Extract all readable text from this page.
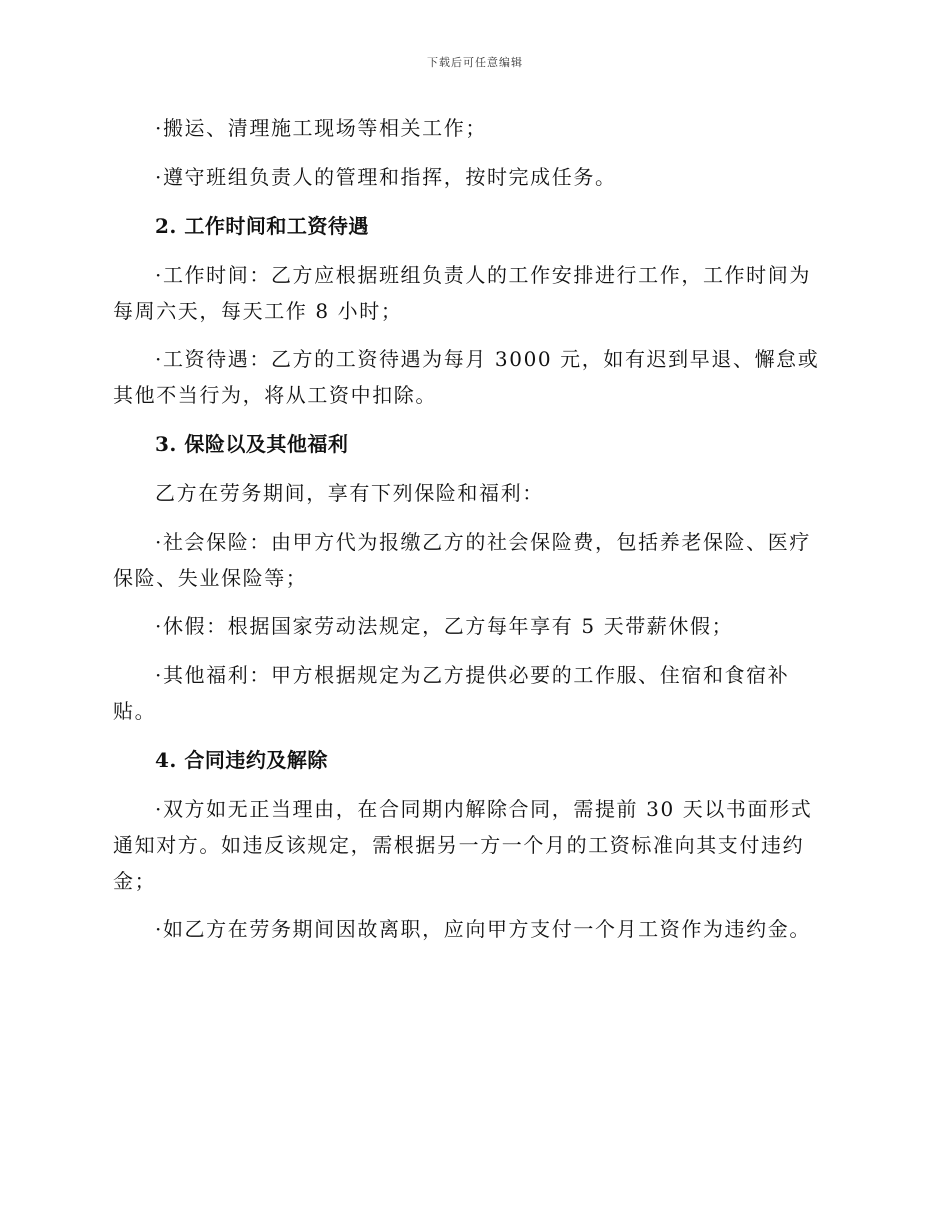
下载后可任意编辑

·搬运、清理施工现场等相关工作；

·遵守班组负责人的管理和指挥，按时完成任务。

2. 工作时间和工资待遇

·工作时间：乙方应根据班组负责人的工作安排进行工作，工作时间为每周六天，每天工作 8 小时；

·工资待遇：乙方的工资待遇为每月 3000 元，如有迟到早退、懈怠或其他不当行为，将从工资中扣除。

3. 保险以及其他福利

乙方在劳务期间，享有下列保险和福利：

·社会保险：由甲方代为报缴乙方的社会保险费，包括养老保险、医疗保险、失业保险等；

·休假：根据国家劳动法规定，乙方每年享有 5 天带薪休假；

·其他福利：甲方根据规定为乙方提供必要的工作服、住宿和食宿补贴。

4. 合同违约及解除

·双方如无正当理由，在合同期内解除合同，需提前 30 天以书面形式通知对方。如违反该规定，需根据另一方一个月的工资标准向其支付违约金；

·如乙方在劳务期间因故离职，应向甲方支付一个月工资作为违约金。
